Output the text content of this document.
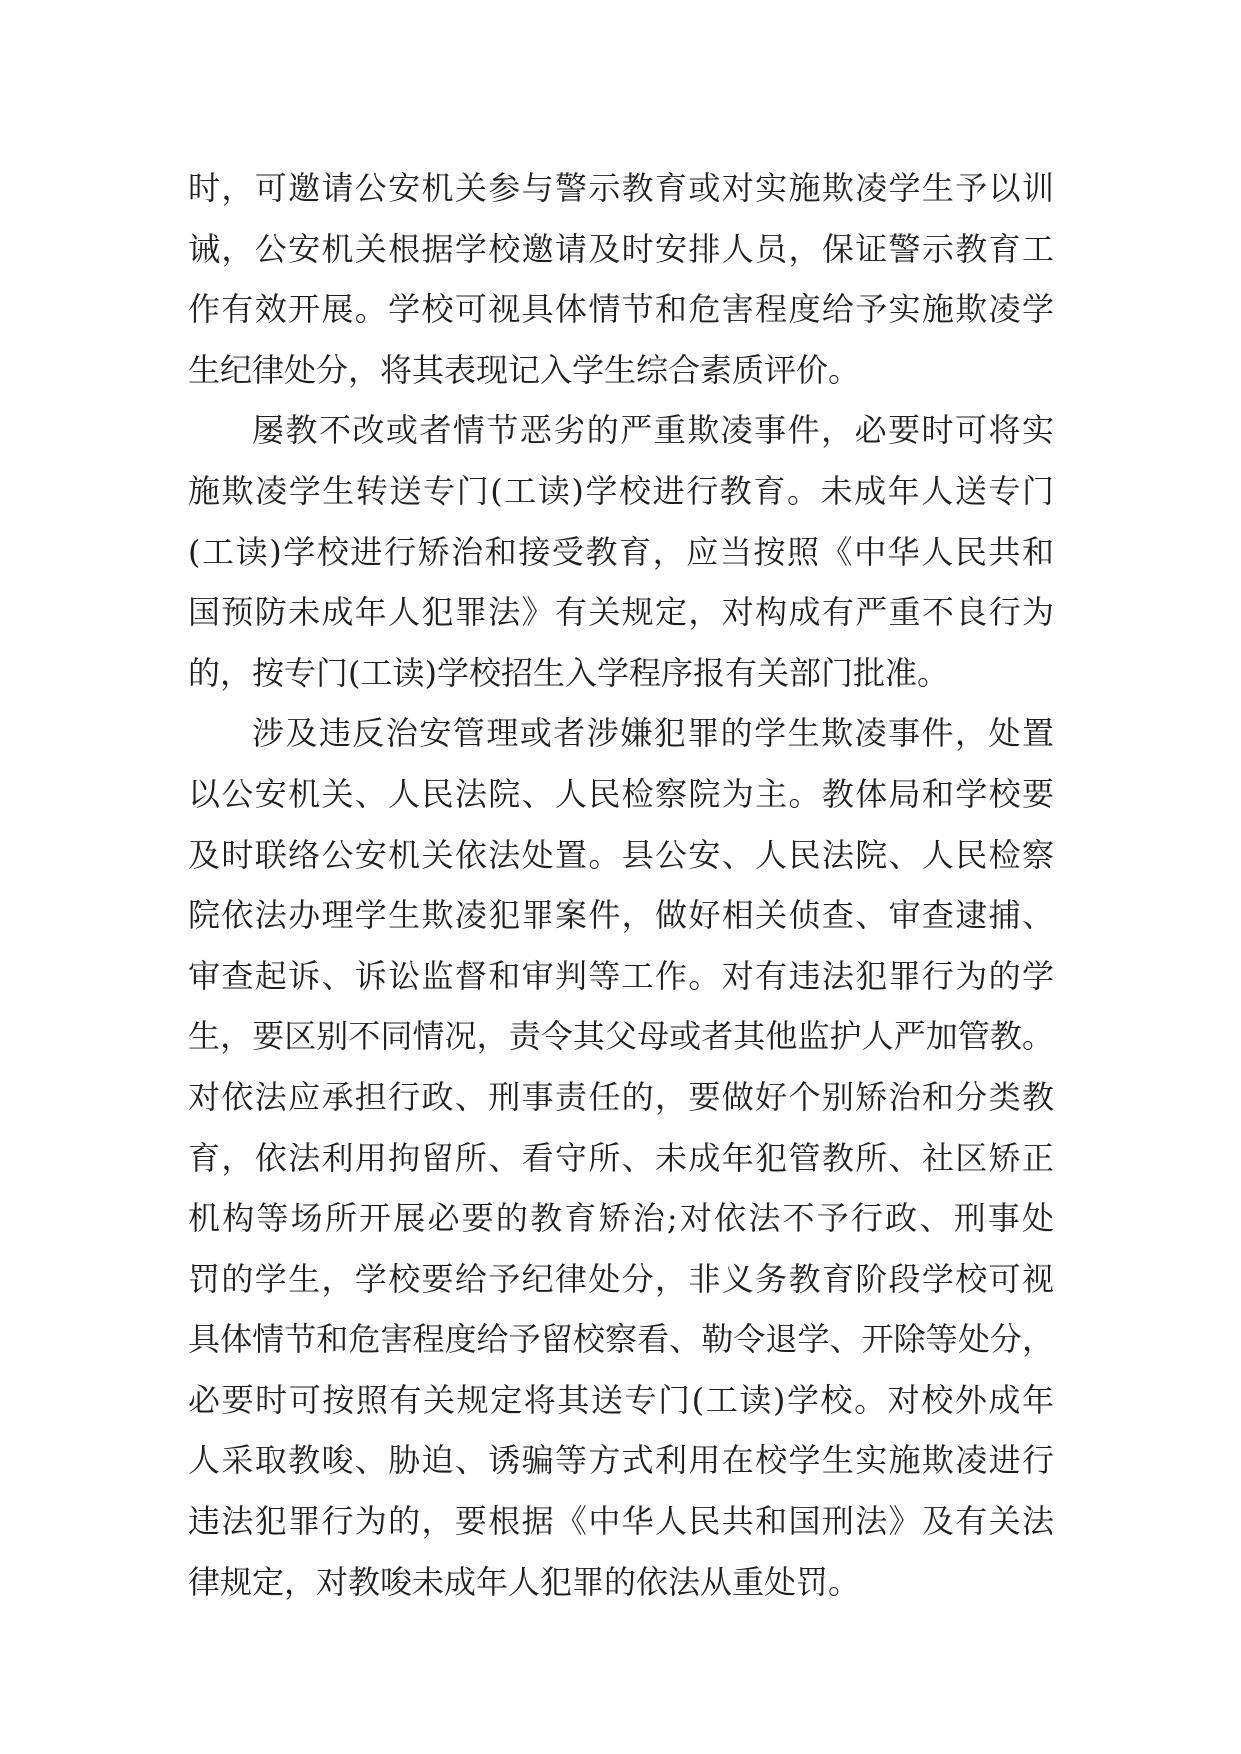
时，可邀请公安机关参与警示教育或对实施欺凌学生予以训
诫，公安机关根据学校邀请及时安排人员，保证警示教育工
作有效开展。学校可视具体情节和危害程度给予实施欺凌学
生纪律处分，将其表现记入学生综合素质评价。
屡教不改或者情节恶劣的严重欺凌事件，必要时可将实
施欺凌学生转送专门(工读)学校进行教育。未成年人送专门
(工读)学校进行矫治和接受教育，应当按照《中华人民共和
国预防未成年人犯罪法》有关规定，对构成有严重不良行为
的，按专门(工读)学校招生入学程序报有关部门批准。
涉及违反治安管理或者涉嫌犯罪的学生欺凌事件，处置
以公安机关、人民法院、人民检察院为主。教体局和学校要
及时联络公安机关依法处置。县公安、人民法院、人民检察
院依法办理学生欺凌犯罪案件，做好相关侦查、审查逮捕、
审查起诉、诉讼监督和审判等工作。对有违法犯罪行为的学
生，要区别不同情况，责令其父母或者其他监护人严加管教。
对依法应承担行政、刑事责任的，要做好个别矫治和分类教
育，依法利用拘留所、看守所、未成年犯管教所、社区矫正
机构等场所开展必要的教育矫治;对依法不予行政、刑事处
罚的学生，学校要给予纪律处分，非义务教育阶段学校可视
具体情节和危害程度给予留校察看、勒令退学、开除等处分，
必要时可按照有关规定将其送专门(工读)学校。对校外成年
人采取教唆、胁迫、诱骗等方式利用在校学生实施欺凌进行
违法犯罪行为的，要根据《中华人民共和国刑法》及有关法
律规定，对教唆未成年人犯罪的依法从重处罚。
